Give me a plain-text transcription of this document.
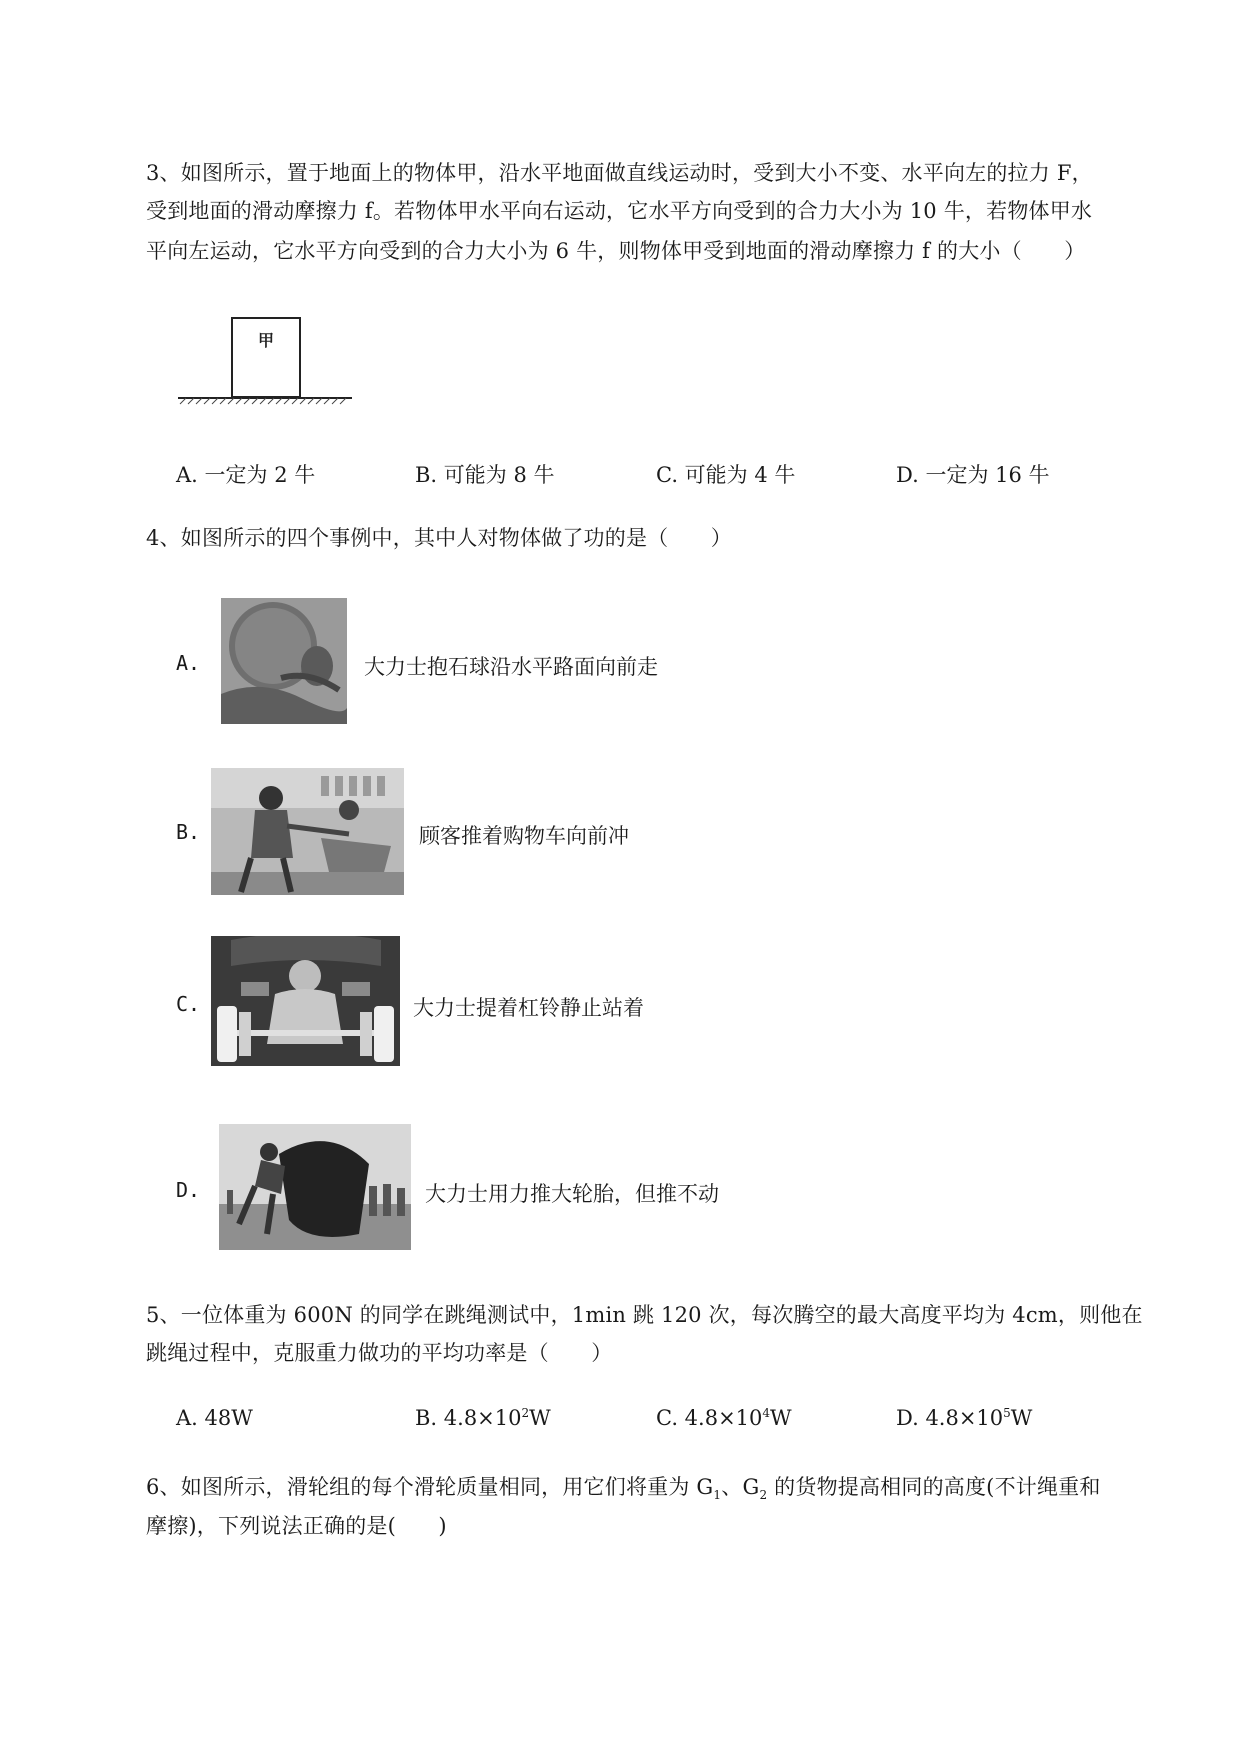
3、如图所示，置于地面上的物体甲，沿水平地面做直线运动时，受到大小不变、水平向左的拉力 F，
受到地面的滑动摩擦力 f。若物体甲水平向右运动，它水平方向受到的合力大小为 10 牛，若物体甲水
平向左运动，它水平方向受到的合力大小为 6 牛，则物体甲受到地面的滑动摩擦力 f 的大小（　　）
甲
A. 一定为 2 牛	B. 可能为 8 牛	C. 可能为 4 牛	D. 一定为 16 牛
4、如图所示的四个事例中，其中人对物体做了功的是（　　）
A.	大力士抱石球沿水平路面向前走
B.	顾客推着购物车向前冲
C.	大力士提着杠铃静止站着
D.	大力士用力推大轮胎，但推不动
5、一位体重为 600N 的同学在跳绳测试中，1min 跳 120 次，每次腾空的最大高度平均为 4cm，则他在
跳绳过程中，克服重力做功的平均功率是（　　）
A. 48W	B. $4.8\times 10^2W$	C. $4.8\times 10^4W$	D. $4.8\times 10^5W$
6、如图所示，滑轮组的每个滑轮质量相同，用它们将重为 $G_1$、$G_2$ 的货物提高相同的高度(不计绳重和
摩擦)，下列说法正确的是(　　)
